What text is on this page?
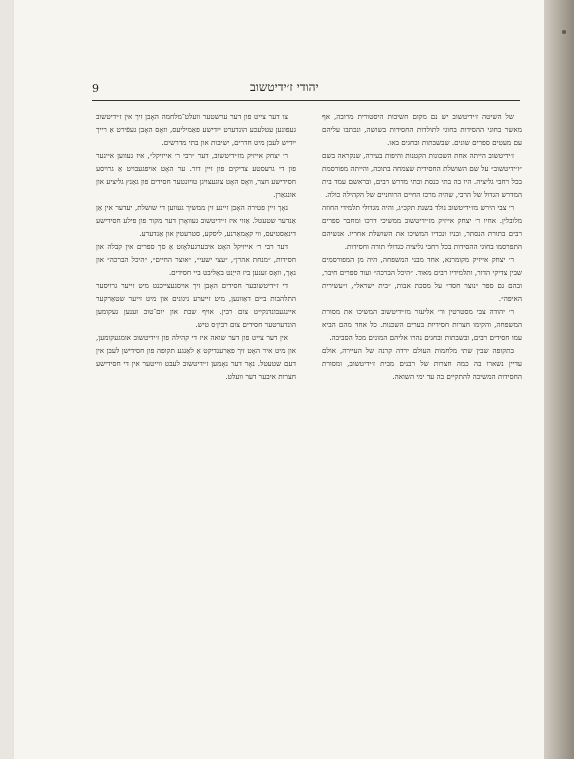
9	יהודי ז׳ידיטשוב

של השיטה ז׳ידיטשוב יש נם מקום חשיבות היסטורית מרובה, אף מאשר בחוגי ההסידות בחוגי לתולדות החסידות בשושה, ונכתבו עליהם עם מעטים ספרים שונים. שבשבתות ובחגים באו.

ז׳ידיטשוב הייתה אחת השכונות הקטנות והיפות בעירה, שנקראה בשם ״ז׳ידיטשוב״ על שם השושלת החסידית שצמחה בתוכה, והייתה מפורסמת בכל רחבי גליציה. היו בה בתי כנסת ובתי מדרש רבים, ובראשם עמד בית המדרש הגדול של הרבי, שהיה מרכז החיים הרוחניים של הקהילה כולה.

ר׳ צבי הירש מז׳ידיטשוב נולד בשנת תקכ״ג, והיה מגדולי תלמידי החוזה מלובלין. אחיו ר׳ יצחק אייזיק מז׳ידיטשוב ממשיכי דרכו ומחבר ספרים רבים בתורת הנסתר, ובניו ונכדיו המשיכו את השושלת אחריו. אנשיהם התפרסמו בחוגי ההסידות בכל רחבי גליציה כגדולי תורה וחסידות.

ר׳ יצחק אייזיק מקומרנא, אחד מבני המשפחה, היה מן המפורסמים שבין צדיקי הדור, ותלמידיו רבים מאוד. ״היכל הברכה״ ועוד ספרים חיבר, ובהם גם ספר ״נוצר חסד״ על מסכת אבות, ״בית ישראל״, ו״עשירית האיפה״.

ר׳ יהודה צבי מסטרטין ור׳ אליעזר מז׳ידיטשוב המשיכו את מסורת המשפחה, והקימו חצרות חסידיות בערים השכנות. כל אחד מהם הביא עמו חסידים רבים, ובשבתות ובחגים נהרו אליהם המונים מכל הסביבה.

בתקופה שבין שתי מלחמות העולם ירדה קרנה של העיירה, אולם עדיין נשארו בה כמה חצרות של רבנים מבית ז׳ידיטשוב, ומסורת החסידות המשיכה להתקיים בה עד ימי השואה.

צו דער צייט פון דער ערשטער וועלט־מלחמה האָבן זיך אין ז׳ידיטשוב געפונען עטלעכע הונדערט ייִדישע פאַמיליעס, וואָס האָבן געפֿירט אַ רייך ייִדיש לעבן מיט חדרים, ישיבות און בתי מדרשים.

ר׳ יצחק אייזיק מז׳ידיטשוב, דער ״רבי ר׳ אייזיקל״, איז געווען איינער פון די גרעסטע צדיקים פון זיין דור. ער האָט אויפגעבויט אַ גרויסע חסידישע חצר, וואָס האָט צוגעצויגן טויזנטער חסידים פון גאַנץ גליציע און אונגאַרן.

נאָך זיין פטירה האָבן זיינע זין ממשיך געווען די שושלת, יעדער אין אַן אַנדער שטעטל. אַזוי איז ז׳ידיטשוב געוואָרן דער מקור פון פילע חסידישע דינאַסטיעס, ווי קאָמאַרנע, ליסקע, סטרעטין און אַנדערע.

דער רבי ר׳ אייזיקל האָט איבערגעלאָזט אַ סך ספרים אין קבלה און חסידות, ״מנחת אהרן״, ״עצי ישעי״, ״אוצר החיים״, ״היכל הברכה״ און נאָך, וואָס זענען ביז הייַנט באַליבט ביי חסידים.

די ז׳ידיטשובער חסידים האָבן זיך אויסגעצייכנט מיט זייער גרויסער התלהבות ביים דאַוונען, מיט זייערע ניגונים און מיט זייער שטאַרקער איינגעבונדנקייט צום רבין. אויף שבת און יום־טוב זענען געקומען הונדערטער חסידים צום רבין׳ס טיש.

אין דער צייט פון דער שואה איז די קהילה פון ז׳ידיטשוב אומגעקומען, און מיט איר האָט זיך פאַרענדיקט אַ לאַנגע תקופה פון חסידישן לעבן אין דעם שטעטל. נאָר דער נאָמען ז׳ידיטשוב לעבט ווייטער אין די חסידישע חצרות איבער דער וועלט.
